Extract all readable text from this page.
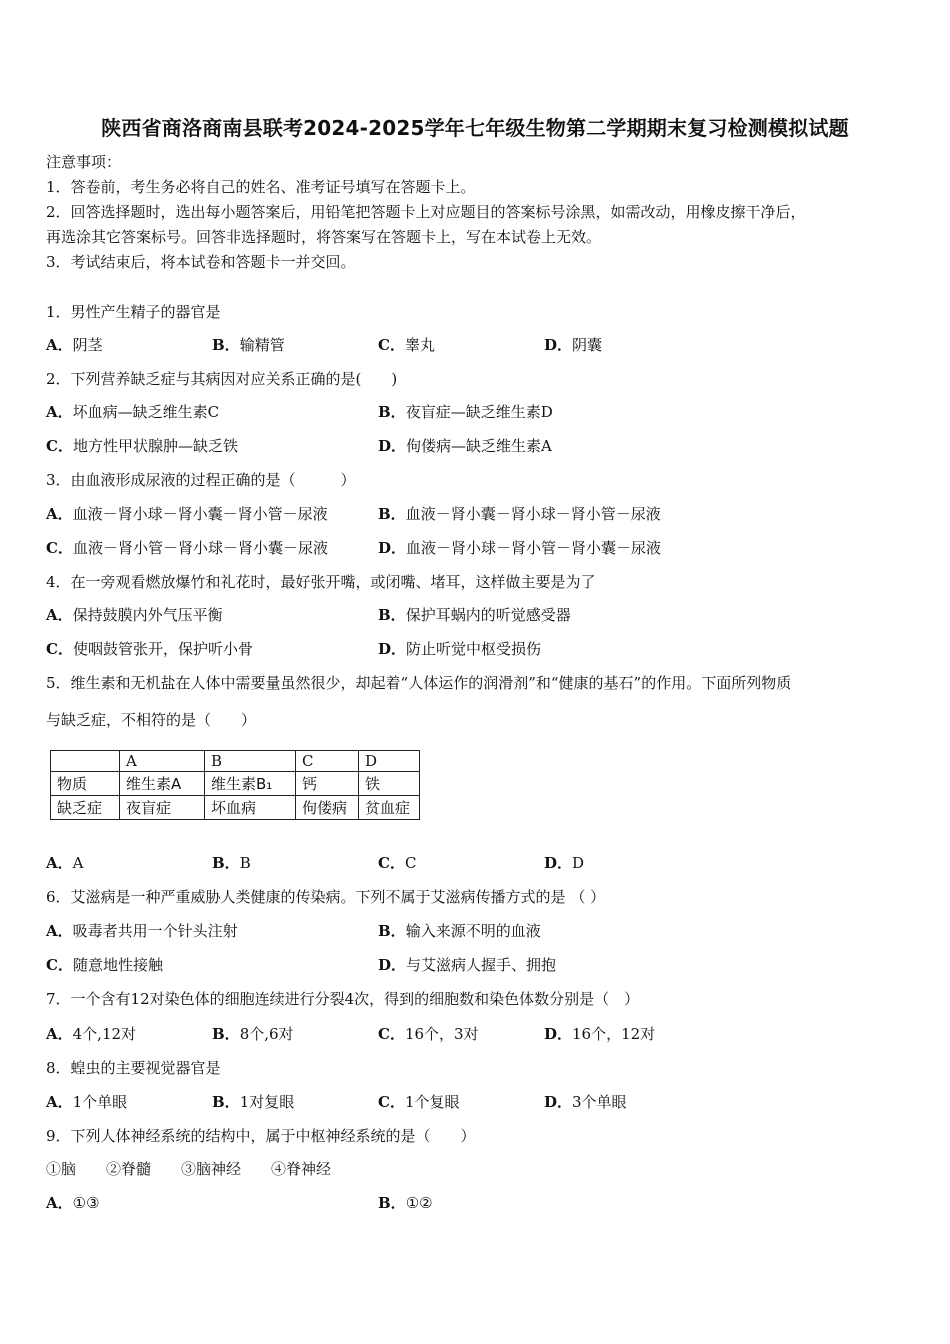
陕西省商洛商南县联考2024-2025学年七年级生物第二学期期末复习检测模拟试题
注意事项：
1．答卷前，考生务必将自己的姓名、准考证号填写在答题卡上。
2．回答选择题时，选出每小题答案后，用铅笔把答题卡上对应题目的答案标号涂黑，如需改动，用橡皮擦干净后，
再选涂其它答案标号。回答非选择题时，将答案写在答题卡上，写在本试卷上无效。
3．考试结束后，将本试卷和答题卡一并交回。
1．男性产生精子的器官是
A．阴茎	B．输精管	C．睾丸	D．阴囊
2．下列营养缺乏症与其病因对应关系正确的是(　　)
A．坏血病—缺乏维生素C	B．夜盲症—缺乏维生素D
C．地方性甲状腺肿—缺乏铁	D．佝偻病—缺乏维生素A
3．由血液形成尿液的过程正确的是（　　　）
A．血液－肾小球－肾小囊－肾小管－尿液	B．血液－肾小囊－肾小球－肾小管－尿液
C．血液－肾小管－肾小球－肾小囊－尿液	D．血液－肾小球－肾小管－肾小囊－尿液
4．在一旁观看燃放爆竹和礼花时，最好张开嘴，或闭嘴、堵耳，这样做主要是为了
A．保持鼓膜内外气压平衡	B．保护耳蜗内的听觉感受器
C．使咽鼓管张开，保护听小骨	D．防止听觉中枢受损伤
5．维生素和无机盐在人体中需要量虽然很少，却起着“人体运作的润滑剂”和“健康的基石”的作用。下面所列物质
与缺乏症，不相符的是（　　）
	A	B	C	D
物质	维生素A	维生素B₁	钙	铁
缺乏症	夜盲症	坏血病	佝偻病	贫血症
A．A	B．B	C．C	D．D
6．艾滋病是一种严重威胁人类健康的传染病。下列不属于艾滋病传播方式的是 （ ）
A．吸毒者共用一个针头注射	B．输入来源不明的血液
C．随意地性接触	D．与艾滋病人握手、拥抱
7．一个含有12对染色体的细胞连续进行分裂4次，得到的细胞数和染色体数分别是（　）
A．4个,12对	B．8个,6对	C．16个，3对	D．16个，12对
8．蝗虫的主要视觉器官是
A．1个单眼	B．1对复眼	C．1个复眼	D．3个单眼
9．下列人体神经系统的结构中，属于中枢神经系统的是（　　）
①脑　　②脊髓　　③脑神经　　④脊神经
A．①③	B．①②
